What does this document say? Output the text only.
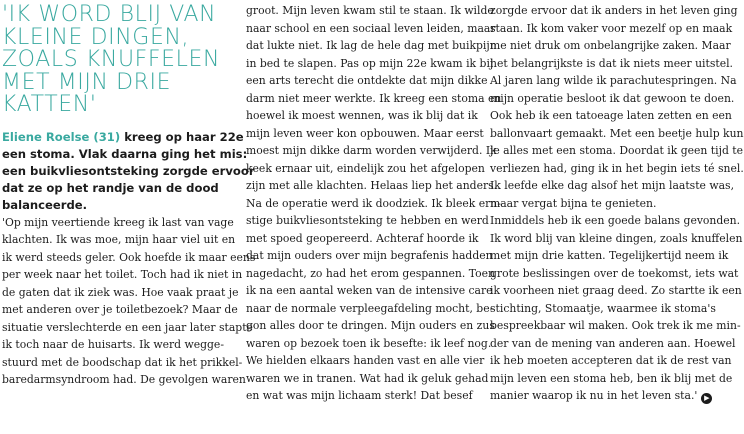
'IK WORD BLIJ VAN
KLEINE DINGEN,
ZOALS KNUFFELEN
MET MIJN DRIE
KATTEN'
Eliene Roelse (31) kreeg op haar 22e
een stoma. Vlak daarna ging het mis:
een buikvliesontsteking zorgde ervoor
dat ze op het randje van de dood
balanceerde.
'Op mijn veertiende kreeg ik last van vage
klachten. Ik was moe, mijn haar viel uit en
ik werd steeds geler. Ook hoefde ik maar eens
per week naar het toilet. Toch had ik niet in
de gaten dat ik ziek was. Hoe vaak praat je
met anderen over je toiletbezoek? Maar de
situatie verslechterde en een jaar later stapte
ik toch naar de huisarts. Ik werd wegge-
stuurd met de boodschap dat ik het prikkel-
baredarmsyndroom had. De gevolgen waren
groot. Mijn leven kwam stil te staan. Ik wilde
naar school en een sociaal leven leiden, maar
dat lukte niet. Ik lag de hele dag met buikpijn
in bed te slapen. Pas op mijn 22e kwam ik bij
een arts terecht die ontdekte dat mijn dikke
darm niet meer werkte. Ik kreeg een stoma en
hoewel ik moest wennen, was ik blij dat ik
mijn leven weer kon opbouwen. Maar eerst
moest mijn dikke darm worden verwijderd. Ik
keek ernaar uit, eindelijk zou het afgelopen
zijn met alle klachten. Helaas liep het anders.
Na de operatie werd ik doodziek. Ik bleek ern-
stige buikvliesontsteking te hebben en werd
met spoed geopereerd. Achteraf hoorde ik
dat mijn ouders over mijn begrafenis hadden
nagedacht, zo had het erom gespannen. Toen
ik na een aantal weken van de intensive care
naar de normale verpleegafdeling mocht, be-
gon alles door te dringen. Mijn ouders en zus
waren op bezoek toen ik besefte: ik leef nog.
We hielden elkaars handen vast en alle vier
waren we in tranen. Wat had ik geluk gehad
en wat was mijn lichaam sterk! Dat besef
zorgde ervoor dat ik anders in het leven ging
staan. Ik kom vaker voor mezelf op en maak
me niet druk om onbelangrijke zaken. Maar
het belangrijkste is dat ik niets meer uitstel.
Al jaren lang wilde ik parachutespringen. Na
mijn operatie besloot ik dat gewoon te doen.
Ook heb ik een tatoeage laten zetten en een
ballonvaart gemaakt. Met een beetje hulp kun
je alles met een stoma. Doordat ik geen tijd te
verliezen had, ging ik in het begin iets té snel.
Ik leefde elke dag alsof het mijn laatste was,
maar vergat bijna te genieten.
Inmiddels heb ik een goede balans gevonden.
Ik word blij van kleine dingen, zoals knuffelen
met mijn drie katten. Tegelijkertijd neem ik
grote beslissingen over de toekomst, iets wat
ik voorheen niet graag deed. Zo startte ik een
stichting, Stomaatje, waarmee ik stoma's
bespreekbaar wil maken. Ook trek ik me min-
der van de mening van anderen aan. Hoewel
ik heb moeten accepteren dat ik de rest van
mijn leven een stoma heb, ben ik blij met de
manier waarop ik nu in het leven sta.' ▶
